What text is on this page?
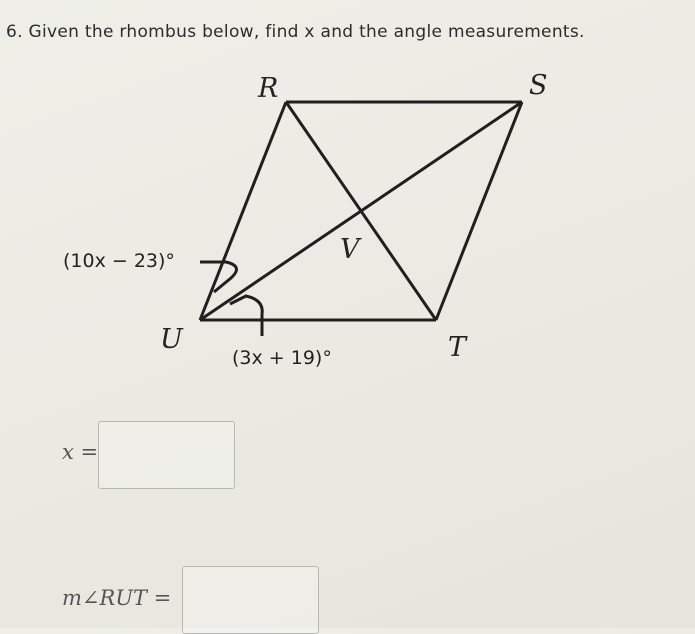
6. Given the rhombus below, find x and the angle measurements.
R	S
V
U	T
(10x − 23)°
(3x + 19)°
x =
m∠RUT =
